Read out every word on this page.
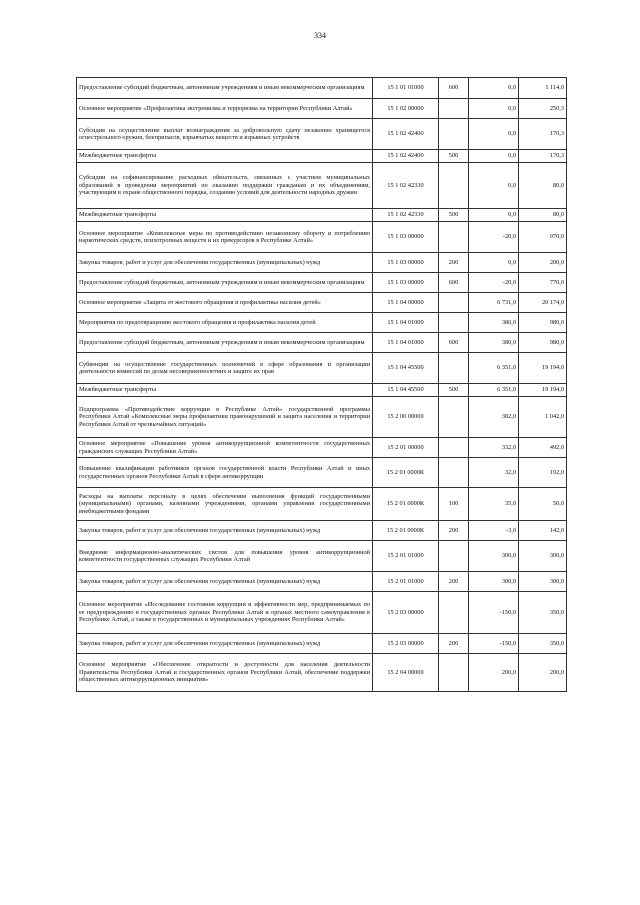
334
Предоставление субсидий бюджетным, автономным учреждениям и иным некоммерческим организациям	15 1 01 01000	600	0,0	1 114,0
Основное мероприятие «Профилактика экстремизма и терроризма на территории Республики Алтай»	15 1 02 00000		0,0	250,3
Субсидия на осуществление выплат вознаграждения за добровольную сдачу незаконно хранящегося огнестрельного оружия, боеприпасов, взрывчатых веществ и взрывных устройств	15 1 02 42400		0,0	170,3
Межбюджетные трансферты	15 1 02 42400	500	0,0	170,3
Субсидии на софинансирование расходных обязательств, связанных с участием муниципальных образований в проведении мероприятий по оказанию поддержки гражданам и их объединениям, участвующим в охране общественного порядка, созданию условий для деятельности народных дружин	15 1 02 42330		0,0	80,0
Межбюджетные трансферты	15 1 02 42330	500	0,0	80,0
Основное мероприятие «Комплексные меры по противодействию незаконному обороту и потреблению наркотических средств, психотропных веществ и их прекурсоров в Республике Алтай»	15 1 03 00000		-20,0	970,0
Закупка товаров, работ и услуг для обеспечения государственных (муниципальных) нужд	15 1 03 00000	200	0,0	200,0
Предоставление субсидий бюджетным, автономным учреждениям и иным некоммерческим организациям	15 1 03 00000	600	-20,0	770,0
Основное мероприятие «Защита от жестокого обращения и профилактика насилия детей»	15 1 04 00000		6 731,0	20 174,0
Мероприятия по предотвращению жестокого обращения и профилактика насилия детей	15 1 04 01000		380,0	980,0
Предоставление субсидий бюджетным, автономным учреждениям и иным некоммерческим организациям	15 1 04 01000	600	380,0	980,0
Субвенции на осуществление государственных полномочий в сфере образования и организации деятельности комиссий по делам несовершеннолетних и защите их прав	15 1 04 45500		6 351,0	19 194,0
Межбюджетные трансферты	15 1 04 45500	500	6 351,0	19 194,0
Подпрограмма «Противодействие коррупции в Республике Алтай» государственной программы Республики Алтай «Комплексные меры профилактики правонарушений и защита населения и территории Республики Алтай от чрезвычайных ситуаций»	15 2 00 00000		382,0	1 042,0
Основное мероприятие «Повышение уровня антикоррупционной компетентности государственных гражданских служащих Республики Алтай»	15 2 01 00000		332,0	492,0
Повышение квалификации работников органов государственной власти Республики Алтай и иных государственных органов Республики Алтай в сфере антикоррупции	15 2 01 0000К		32,0	192,0
Расходы на выплаты персоналу в целях обеспечения выполнения функций государственными (муниципальными) органами, казенными учреждениями, органами управления государственными внебюджетными фондами	15 2 01 0000К	100	35,0	50,0
Закупка товаров, работ и услуг для обеспечения государственных (муниципальных) нужд	15 2 01 0000К	200	-3,0	142,0
Внедрение информационно-аналитических систем для повышения уровня антикоррупционной компетентности государственных служащих Республики Алтай	15 2 01 01000		300,0	300,0
Закупка товаров, работ и услуг для обеспечения государственных (муниципальных) нужд	15 2 01 01000	200	300,0	300,0
Основное мероприятие «Исследование состояния коррупции и эффективности мер, предпринимаемых по ее предупреждению в государственных органах Республики Алтай и органах местного самоуправления в Республике Алтай, а также в государственных и муниципальных учреждениях Республики Алтай»	15 2 03 00000		-150,0	350,0
Закупка товаров, работ и услуг для обеспечения государственных (муниципальных) нужд	15 2 03 00000	200	-150,0	350,0
Основное мероприятие «Обеспечение открытости и доступности для населения деятельности Правительства Республики Алтай и государственных органов Республики Алтай, обеспечение поддержки общественных антикоррупционных инициатив»	15 2 04 00000		200,0	200,0
